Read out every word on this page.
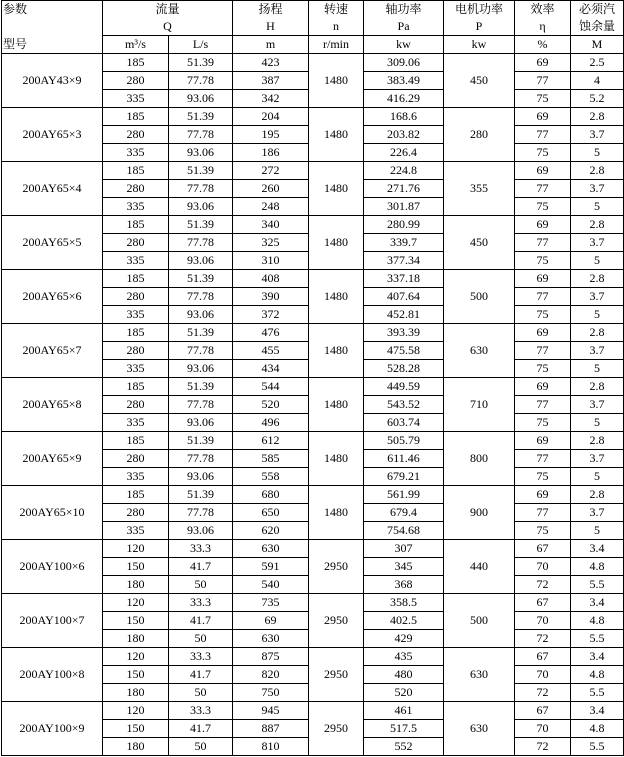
参数	流量		扬程	转速	轴功率	电机功率	效率	必须汽
	Q		H	n	Pa	P	η	蚀余量
型号	m³/s	L/s	m	r/min	kw	kw	%	M
200AY43×9	185	51.39	423	1480	309.06	450	69	2.5
	280	77.78	387		383.49		77	4
	335	93.06	342		416.29		75	5.2
200AY65×3	185	51.39	204	1480	168.6	280	69	2.8
	280	77.78	195		203.82		77	3.7
	335	93.06	186		226.4		75	5
200AY65×4	185	51.39	272	1480	224.8	355	69	2.8
	280	77.78	260		271.76		77	3.7
	335	93.06	248		301.87		75	5
200AY65×5	185	51.39	340	1480	280.99	450	69	2.8
	280	77.78	325		339.7		77	3.7
	335	93.06	310		377.34		75	5
200AY65×6	185	51.39	408	1480	337.18	500	69	2.8
	280	77.78	390		407.64		77	3.7
	335	93.06	372		452.81		75	5
200AY65×7	185	51.39	476	1480	393.39	630	69	2.8
	280	77.78	455		475.58		77	3.7
	335	93.06	434		528.28		75	5
200AY65×8	185	51.39	544	1480	449.59	710	69	2.8
	280	77.78	520		543.52		77	3.7
	335	93.06	496		603.74		75	5
200AY65×9	185	51.39	612	1480	505.79	800	69	2.8
	280	77.78	585		611.46		77	3.7
	335	93.06	558		679.21		75	5
200AY65×10	185	51.39	680	1480	561.99	900	69	2.8
	280	77.78	650		679.4		77	3.7
	335	93.06	620		754.68		75	5
200AY100×6	120	33.3	630	2950	307	440	67	3.4
	150	41.7	591		345		70	4.8
	180	50	540		368		72	5.5
200AY100×7	120	33.3	735	2950	358.5	500	67	3.4
	150	41.7	69		402.5		70	4.8
	180	50	630		429		72	5.5
200AY100×8	120	33.3	875	2950	435	630	67	3.4
	150	41.7	820		480		70	4.8
	180	50	750		520		72	5.5
200AY100×9	120	33.3	945	2950	461	630	67	3.4
	150	41.7	887		517.5		70	4.8
	180	50	810		552		72	5.5
